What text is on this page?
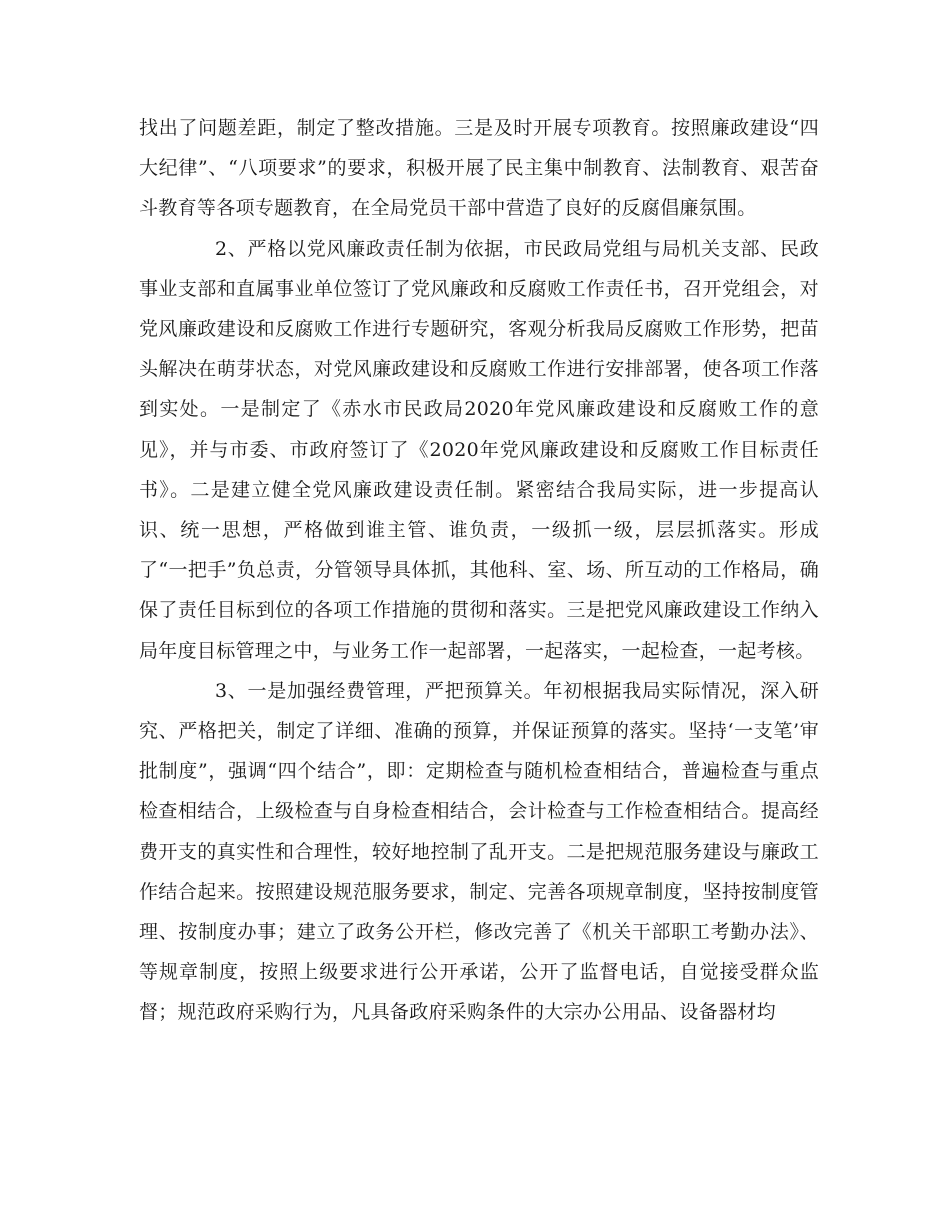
找出了问题差距，制定了整改措施。三是及时开展专项教育。按照廉政建设“四大纪律”、“八项要求”的要求，积极开展了民主集中制教育、法制教育、艰苦奋斗教育等各项专题教育，在全局党员干部中营造了良好的反腐倡廉氛围。

2、严格以党风廉政责任制为依据，市民政局党组与局机关支部、民政事业支部和直属事业单位签订了党风廉政和反腐败工作责任书，召开党组会，对党风廉政建设和反腐败工作进行专题研究，客观分析我局反腐败工作形势，把苗头解决在萌芽状态，对党风廉政建设和反腐败工作进行安排部署，使各项工作落到实处。一是制定了《赤水市民政局2020年党风廉政建设和反腐败工作的意见》，并与市委、市政府签订了《2020年党风廉政建设和反腐败工作目标责任书》。二是建立健全党风廉政建设责任制。紧密结合我局实际，进一步提高认识、统一思想，严格做到谁主管、谁负责，一级抓一级，层层抓落实。形成了“一把手”负总责，分管领导具体抓，其他科、室、场、所互动的工作格局，确保了责任目标到位的各项工作措施的贯彻和落实。三是把党风廉政建设工作纳入局年度目标管理之中，与业务工作一起部署，一起落实，一起检查，一起考核。

3、一是加强经费管理，严把预算关。年初根据我局实际情况，深入研究、严格把关，制定了详细、准确的预算，并保证预算的落实。坚持‘一支笔’审批制度”，强调“四个结合”，即：定期检查与随机检查相结合，普遍检查与重点检查相结合，上级检查与自身检查相结合，会计检查与工作检查相结合。提高经费开支的真实性和合理性，较好地控制了乱开支。二是把规范服务建设与廉政工作结合起来。按照建设规范服务要求，制定、完善各项规章制度，坚持按制度管理、按制度办事；建立了政务公开栏，修改完善了《机关干部职工考勤办法》、等规章制度，按照上级要求进行公开承诺，公开了监督电话，自觉接受群众监督；规范政府采购行为，凡具备政府采购条件的大宗办公用品、设备器材均
